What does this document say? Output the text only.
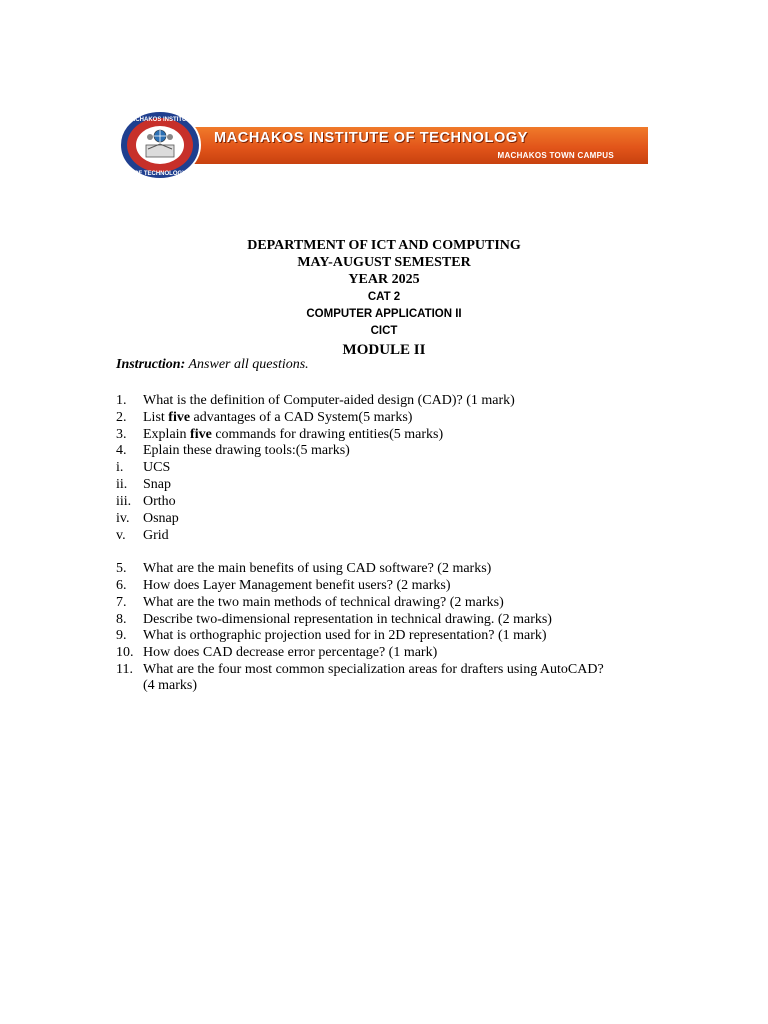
MACHAKOS INSTITUTE OF TECHNOLOGY
MACHAKOS TOWN CAMPUS
MACHAKOS INSTITUTE
OF TECHNOLOGY
DEPARTMENT OF ICT AND COMPUTING
MAY-AUGUST SEMESTER
YEAR 2025
CAT 2
COMPUTER APPLICATION II
CICT
MODULE II
Instruction: Answer all questions.
1. What is the definition of Computer-aided design (CAD)? (1 mark)
2. List five advantages of a CAD System(5 marks)
3. Explain five commands for drawing entities(5 marks)
4. Eplain these drawing tools:(5 marks)
i. UCS
ii. Snap
iii. Ortho
iv. Osnap
v. Grid
5. What are the main benefits of using CAD software? (2 marks)
6. How does Layer Management benefit users? (2 marks)
7. What are the two main methods of technical drawing? (2 marks)
8. Describe two-dimensional representation in technical drawing. (2 marks)
9. What is orthographic projection used for in 2D representation? (1 mark)
10. How does CAD decrease error percentage? (1 mark)
11. What are the four most common specialization areas for drafters using AutoCAD?
(4 marks)
